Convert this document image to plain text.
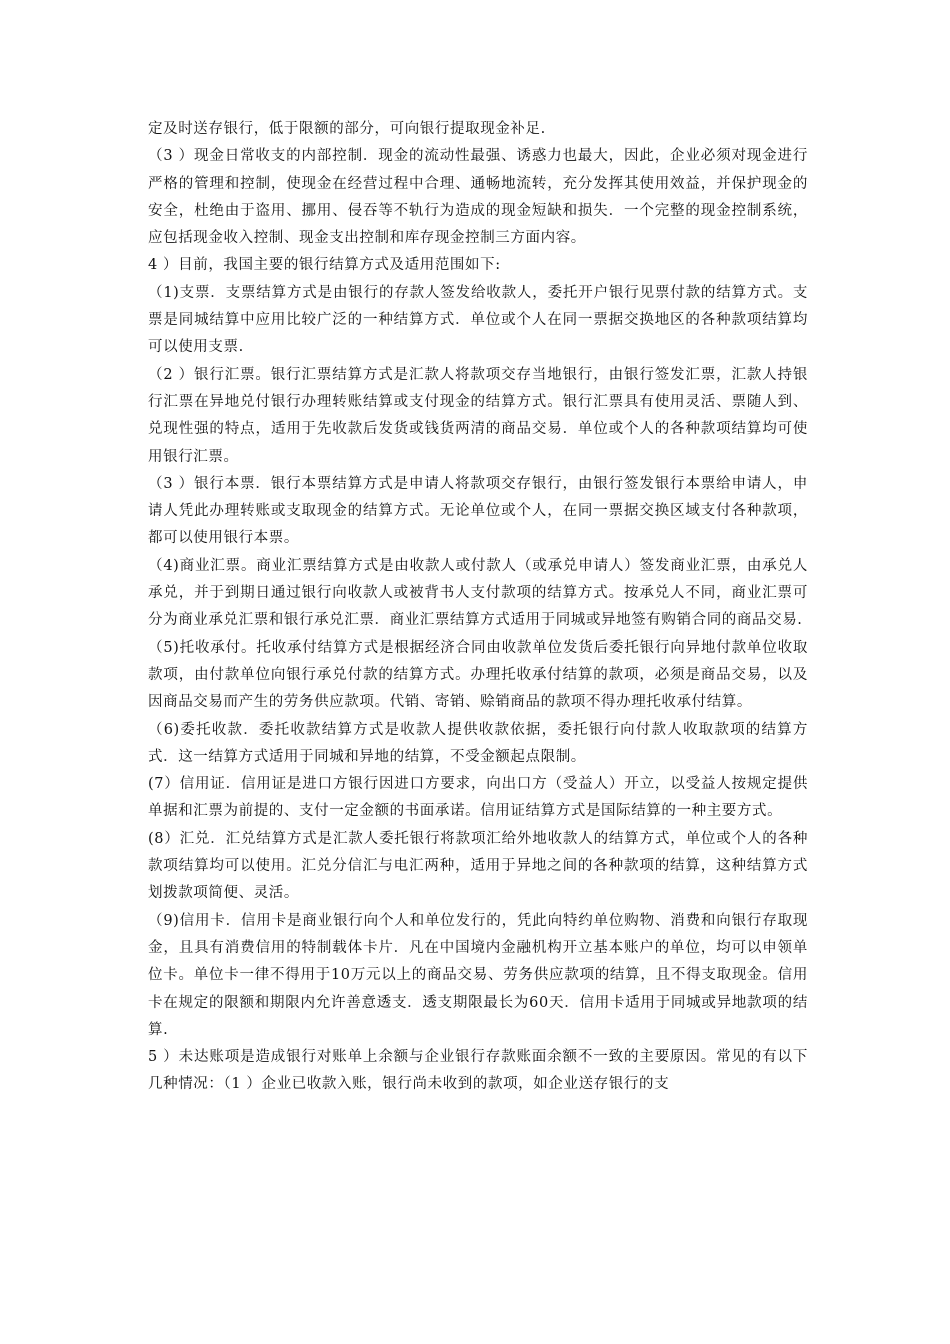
定及时送存银行，低于限额的部分，可向银行提取现金补足.

（3 ）现金日常收支的内部控制．现金的流动性最强、诱惑力也最大，因此，企业必须对现金进行严格的管理和控制，使现金在经营过程中合理、通畅地流转，充分发挥其使用效益，并保护现金的安全，杜绝由于盗用、挪用、侵吞等不轨行为造成的现金短缺和损失．一个完整的现金控制系统，应包括现金收入控制、现金支出控制和库存现金控制三方面内容。

4 ）目前，我国主要的银行结算方式及适用范围如下:

（1)支票．支票结算方式是由银行的存款人签发给收款人，委托开户银行见票付款的结算方式。支票是同城结算中应用比较广泛的一种结算方式．单位或个人在同一票据交换地区的各种款项结算均可以使用支票.

（2 ）银行汇票。银行汇票结算方式是汇款人将款项交存当地银行，由银行签发汇票，汇款人持银行汇票在异地兑付银行办理转账结算或支付现金的结算方式。银行汇票具有使用灵活、票随人到、兑现性强的特点，适用于先收款后发货或钱货两清的商品交易．单位或个人的各种款项结算均可使用银行汇票。

（3 ）银行本票．银行本票结算方式是申请人将款项交存银行，由银行签发银行本票给申请人，申请人凭此办理转账或支取现金的结算方式。无论单位或个人，在同一票据交换区域支付各种款项，都可以使用银行本票。

（4)商业汇票。商业汇票结算方式是由收款人或付款人（或承兑申请人）签发商业汇票，由承兑人承兑，并于到期日通过银行向收款人或被背书人支付款项的结算方式。按承兑人不同，商业汇票可分为商业承兑汇票和银行承兑汇票．商业汇票结算方式适用于同城或异地签有购销合同的商品交易.

（5)托收承付。托收承付结算方式是根据经济合同由收款单位发货后委托银行向异地付款单位收取款项，由付款单位向银行承兑付款的结算方式。办理托收承付结算的款项，必须是商品交易，以及因商品交易而产生的劳务供应款项。代销、寄销、赊销商品的款项不得办理托收承付结算。

（6)委托收款．委托收款结算方式是收款人提供收款依据，委托银行向付款人收取款项的结算方式．这一结算方式适用于同城和异地的结算，不受金额起点限制。

(7）信用证．信用证是进口方银行因进口方要求，向出口方（受益人）开立，以受益人按规定提供单据和汇票为前提的、支付一定金额的书面承诺。信用证结算方式是国际结算的一种主要方式。

(8）汇兑．汇兑结算方式是汇款人委托银行将款项汇给外地收款人的结算方式，单位或个人的各种款项结算均可以使用。汇兑分信汇与电汇两种，适用于异地之间的各种款项的结算，这种结算方式划拨款项简便、灵活。

（9)信用卡．信用卡是商业银行向个人和单位发行的，凭此向特约单位购物、消费和向银行存取现金，且具有消费信用的特制载体卡片．凡在中国境内金融机构开立基本账户的单位，均可以申领单位卡。单位卡一律不得用于10万元以上的商品交易、劳务供应款项的结算，且不得支取现金。信用卡在规定的限额和期限内允许善意透支．透支期限最长为60天．信用卡适用于同城或异地款项的结算.

5 ）未达账项是造成银行对账单上余额与企业银行存款账面余额不一致的主要原因。常见的有以下几种情况：（1 ）企业已收款入账，银行尚未收到的款项，如企业送存银行的支
